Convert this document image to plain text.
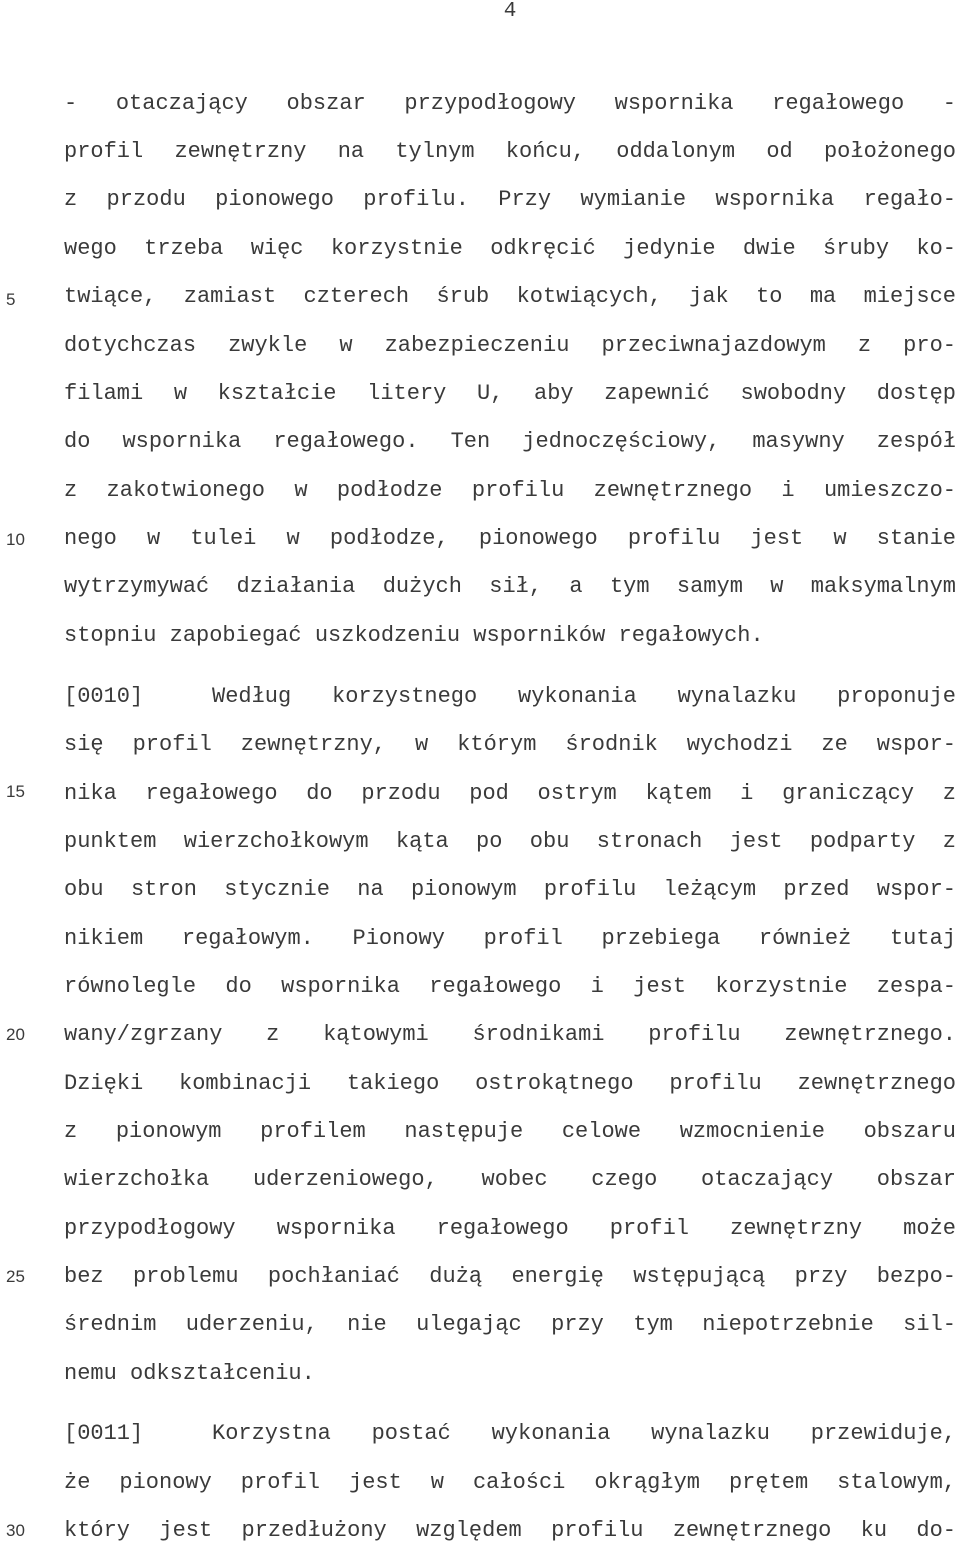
4
5
10
15
20
25
30
- otaczający obszar przypodłogowy wspornika regałowego -
profil zewnętrzny na tylnym końcu, oddalonym od położonego
z przodu pionowego profilu. Przy wymianie wspornika regało-
wego trzeba więc korzystnie odkręcić jedynie dwie śruby ko-
twiące, zamiast czterech śrub kotwiących, jak to ma miejsce
dotychczas zwykle w zabezpieczeniu przeciwnajazdowym z pro-
filami w kształcie litery U, aby zapewnić swobodny dostęp
do wspornika regałowego. Ten jednoczęściowy, masywny zespół
z zakotwionego w podłodze profilu zewnętrznego i umieszczo-
nego w tulei w podłodze, pionowego profilu jest w stanie
wytrzymywać działania dużych sił, a tym samym w maksymalnym
stopniu zapobiegać uszkodzeniu wsporników regałowych.
[0010]	Według korzystnego wykonania wynalazku proponuje
się profil zewnętrzny, w którym środnik wychodzi ze wspor-
nika regałowego do przodu pod ostrym kątem i graniczący z
punktem wierzchołkowym kąta po obu stronach jest podparty z
obu stron stycznie na pionowym profilu leżącym przed wspor-
nikiem regałowym. Pionowy profil przebiega również tutaj
równolegle do wspornika regałowego i jest korzystnie zespa-
wany/zgrzany z kątowymi środnikami profilu zewnętrznego.
Dzięki kombinacji takiego ostrokątnego profilu zewnętrznego
z pionowym profilem następuje celowe wzmocnienie obszaru
wierzchołka uderzeniowego, wobec czego otaczający obszar
przypodłogowy wspornika regałowego profil zewnętrzny może
bez problemu pochłaniać dużą energię wstępującą przy bezpo-
średnim uderzeniu, nie ulegając przy tym niepotrzebnie sil-
nemu odkształceniu.
[0011]	Korzystna postać wykonania wynalazku przewiduje,
że pionowy profil jest w całości okrągłym prętem stalowym,
który jest przedłużony względem profilu zewnętrznego ku do-
